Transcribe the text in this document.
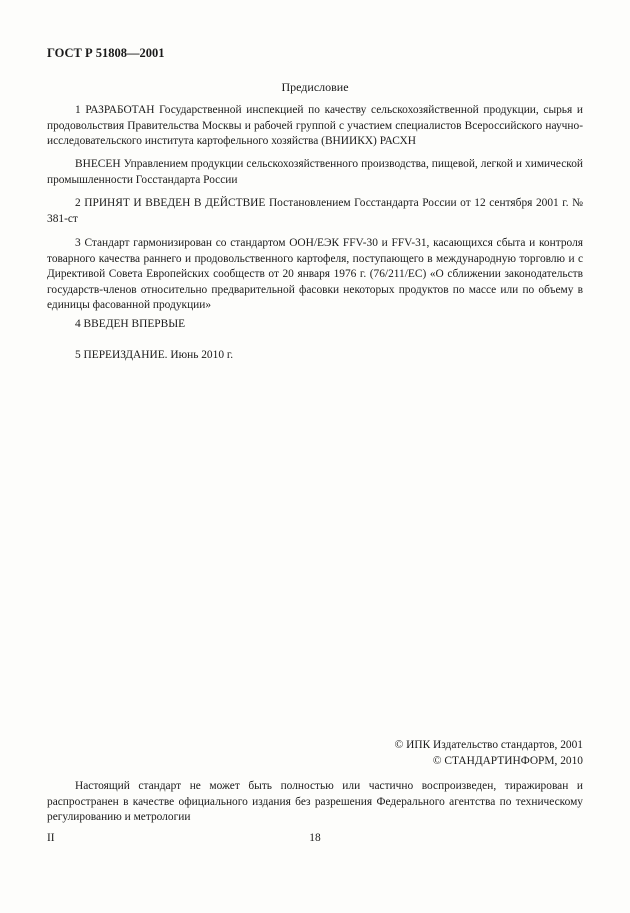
ГОСТ Р 51808—2001
Предисловие
1 РАЗРАБОТАН Государственной инспекцией по качеству сельскохозяйственной продукции, сырья и продовольствия Правительства Москвы и рабочей группой с участием специалистов Всероссийского научно-исследовательского института картофельного хозяйства (ВНИИКХ) РАСХН
ВНЕСЕН Управлением продукции сельскохозяйственного производства, пищевой, легкой и химической промышленности Госстандарта России
2 ПРИНЯТ И ВВЕДЕН В ДЕЙСТВИЕ Постановлением Госстандарта России от 12 сентября 2001 г. № 381-ст
3 Стандарт гармонизирован со стандартом ООН/ЕЭК FFV-30 и FFV-31, касающихся сбыта и контроля товарного качества раннего и продовольственного картофеля, поступающего в международную торговлю и с Директивой Совета Европейских сообществ от 20 января 1976 г. (76/211/ЕС) «О сближении законодательств государств-членов относительно предварительной фасовки некоторых продуктов по массе или по объему в единицы фасованной продукции»
4 ВВЕДЕН ВПЕРВЫЕ
5 ПЕРЕИЗДАНИЕ. Июнь 2010 г.
© ИПК Издательство стандартов, 2001
© СТАНДАРТИНФОРМ, 2010
Настоящий стандарт не может быть полностью или частично воспроизведен, тиражирован и распространен в качестве официального издания без разрешения Федерального агентства по техническому регулированию и метрологии
II	18
